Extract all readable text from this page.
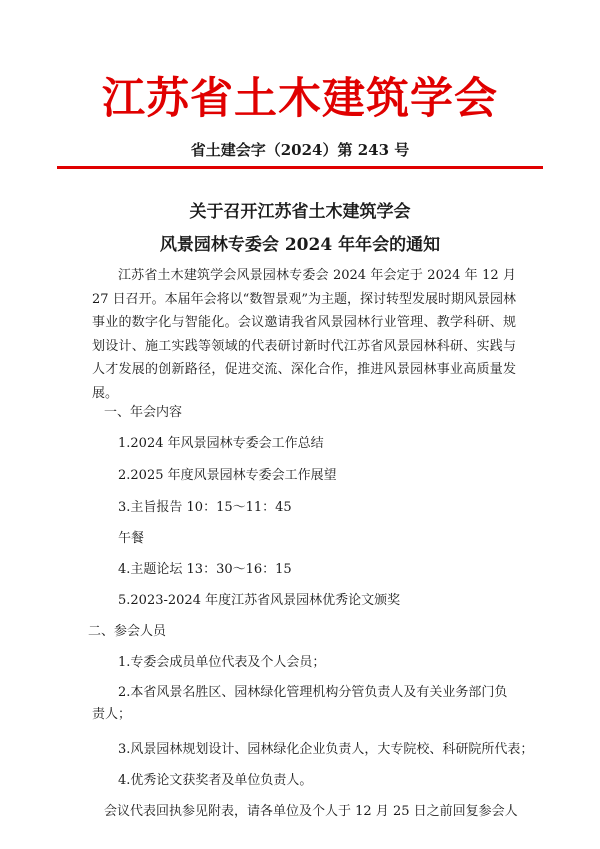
江苏省土木建筑学会
省土建会字（2024）第 243 号
关于召开江苏省土木建筑学会
风景园林专委会 2024 年年会的通知

江苏省土木建筑学会风景园林专委会 2024 年会定于 2024 年 12 月 27 日召开。本届年会将以“数智景观”为主题，探讨转型发展时期风景园林事业的数字化与智能化。会议邀请我省风景园林行业管理、教学科研、规划设计、施工实践等领域的代表研讨新时代江苏省风景园林科研、实践与人才发展的创新路径，促进交流、深化合作，推进风景园林事业高质量发展。

一、年会内容
1.2024 年风景园林专委会工作总结
2.2025 年度风景园林专委会工作展望
3.主旨报告 10：15～11：45
午餐
4.主题论坛 13：30～16：15
5.2023-2024 年度江苏省风景园林优秀论文颁奖
二、参会人员
1.专委会成员单位代表及个人会员；
2.本省风景名胜区、园林绿化管理机构分管负责人及有关业务部门负责人；
3.风景园林规划设计、园林绿化企业负责人，大专院校、科研院所代表；
4.优秀论文获奖者及单位负责人。
会议代表回执参见附表，请各单位及个人于 12 月 25 日之前回复参会人
